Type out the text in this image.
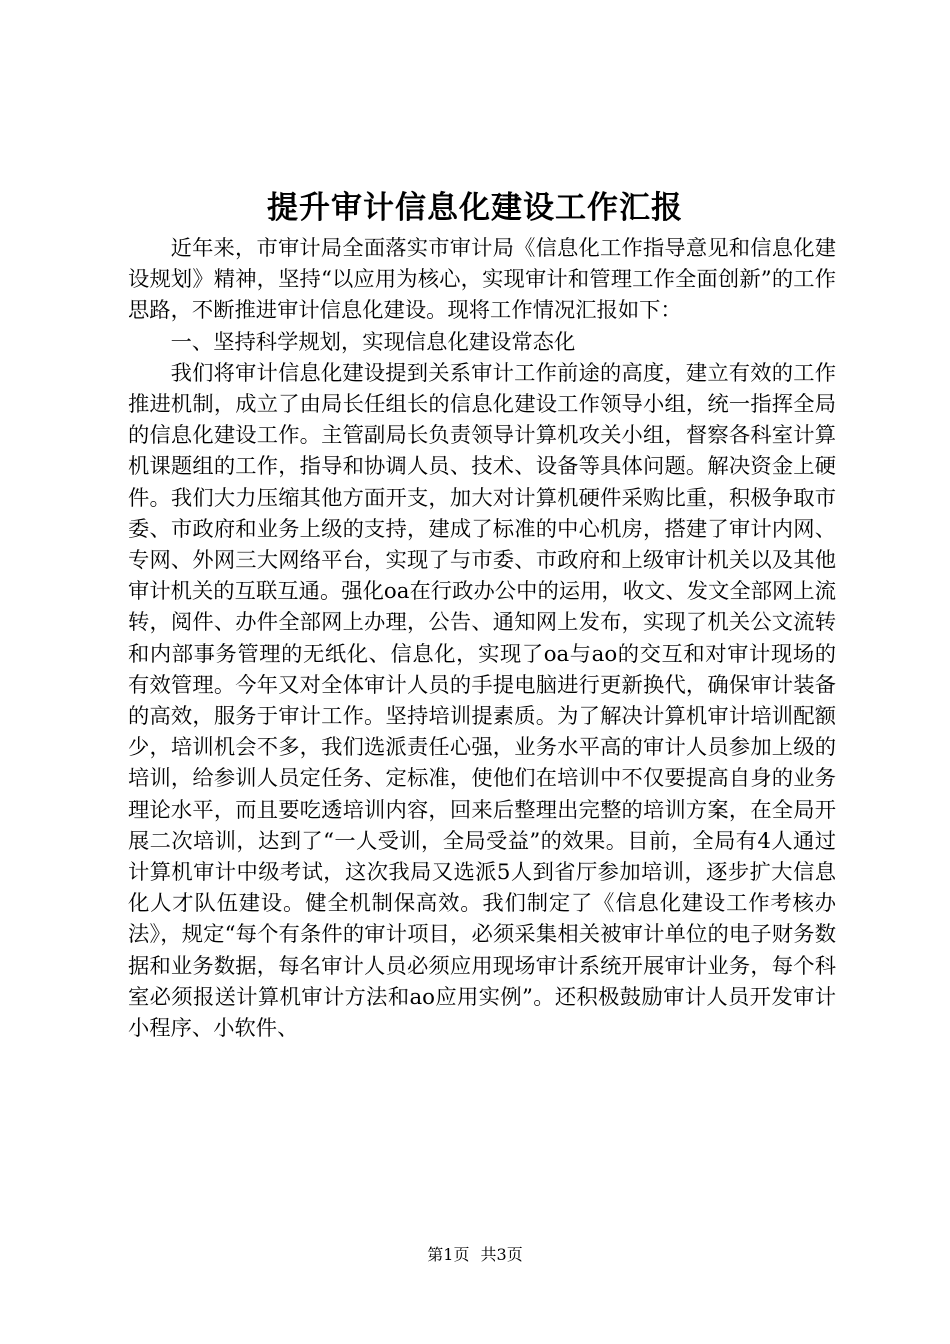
提升审计信息化建设工作汇报

近年来，市审计局全面落实市审计局《信息化工作指导意见和信息化建设规划》精神，坚持“以应用为核心，实现审计和管理工作全面创新”的工作思路，不断推进审计信息化建设。现将工作情况汇报如下：

一、坚持科学规划，实现信息化建设常态化

我们将审计信息化建设提到关系审计工作前途的高度，建立有效的工作推进机制，成立了由局长任组长的信息化建设工作领导小组，统一指挥全局的信息化建设工作。主管副局长负责领导计算机攻关小组，督察各科室计算机课题组的工作，指导和协调人员、技术、设备等具体问题。解决资金上硬件。我们大力压缩其他方面开支，加大对计算机硬件采购比重，积极争取市委、市政府和业务上级的支持，建成了标准的中心机房，搭建了审计内网、专网、外网三大网络平台，实现了与市委、市政府和上级审计机关以及其他审计机关的互联互通。强化oa在行政办公中的运用，收文、发文全部网上流转，阅件、办件全部网上办理，公告、通知网上发布，实现了机关公文流转和内部事务管理的无纸化、信息化，实现了oa与ao的交互和对审计现场的有效管理。今年又对全体审计人员的手提电脑进行更新换代，确保审计装备的高效，服务于审计工作。坚持培训提素质。为了解决计算机审计培训配额少，培训机会不多，我们选派责任心强，业务水平高的审计人员参加上级的培训，给参训人员定任务、定标准，使他们在培训中不仅要提高自身的业务理论水平，而且要吃透培训内容，回来后整理出完整的培训方案，在全局开展二次培训，达到了“一人受训，全局受益”的效果。目前，全局有4人通过计算机审计中级考试，这次我局又选派5人到省厅参加培训，逐步扩大信息化人才队伍建设。健全机制保高效。我们制定了《信息化建设工作考核办法》，规定“每个有条件的审计项目，必须采集相关被审计单位的电子财务数据和业务数据，每名审计人员必须应用现场审计系统开展审计业务，每个科室必须报送计算机审计方法和ao应用实例”。还积极鼓励审计人员开发审计小程序、小软件、

第1页 共3页
